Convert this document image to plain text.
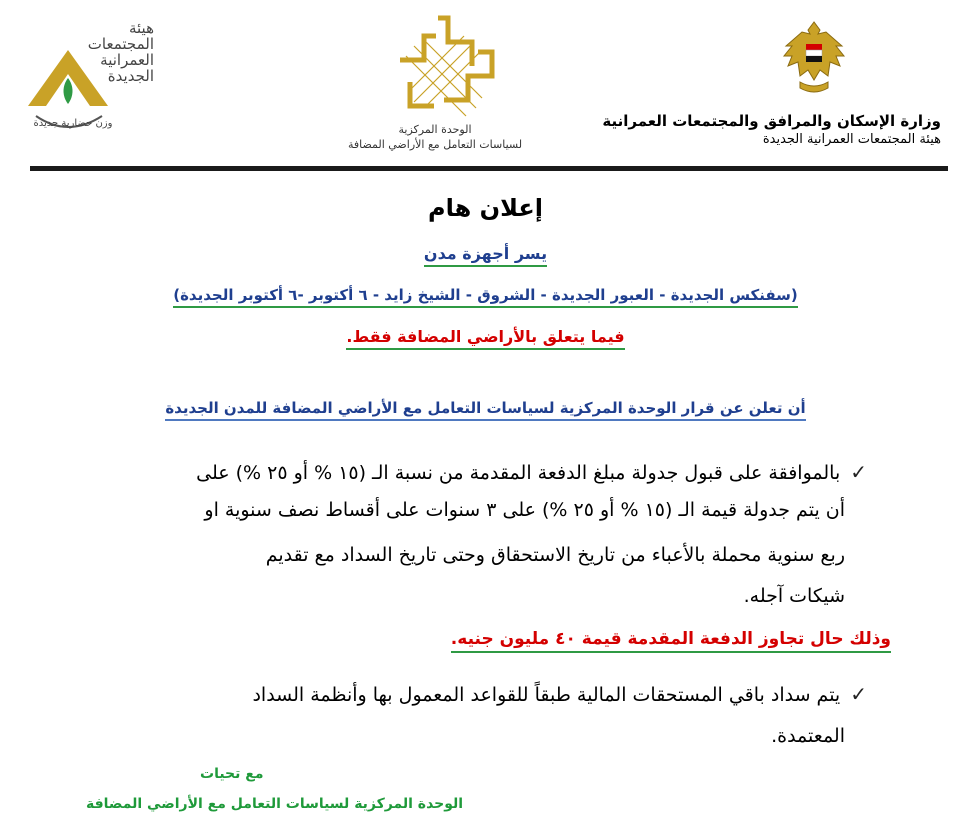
وزارة الإسكان والمرافق والمجتمعات العمرانية
هيئة المجتمعات العمرانية الجديدة
الوحدة المركزية
لسياسات التعامل مع الأراضي المضافة
هيئة المجتمعات العمرانية الجديدة
وزن حضارية جديدة
إعلان هام
يسر أجهزة مدن
(سفنكس الجديدة - العبور الجديدة - الشروق - الشيخ زايد - ٦ أكتوبر -٦ أكتوبر الجديدة)
فيما يتعلق بالأراضي المضافة فقط.
أن تعلن عن قرار الوحدة المركزية لسياسات التعامل مع الأراضي المضافة للمدن الجديدة
✓بالموافقة على قبول جدولة مبلغ الدفعة المقدمة من نسبة الـ (١٥ % أو ٢٥ %) على
أن يتم جدولة قيمة الـ (١٥ % أو ٢٥ %) على ٣ سنوات على أقساط نصف سنوية او
ربع سنوية محملة بالأعباء من تاريخ الاستحقاق وحتى تاريخ السداد مع تقديم
شيكات آجله.
وذلك حال تجاوز الدفعة المقدمة قيمة ٤٠ مليون جنيه.
✓يتم سداد باقي المستحقات المالية طبقاً للقواعد المعمول بها وأنظمة السداد
المعتمدة.
مع تحيات
الوحدة المركزية لسياسات التعامل مع الأراضي المضافة
